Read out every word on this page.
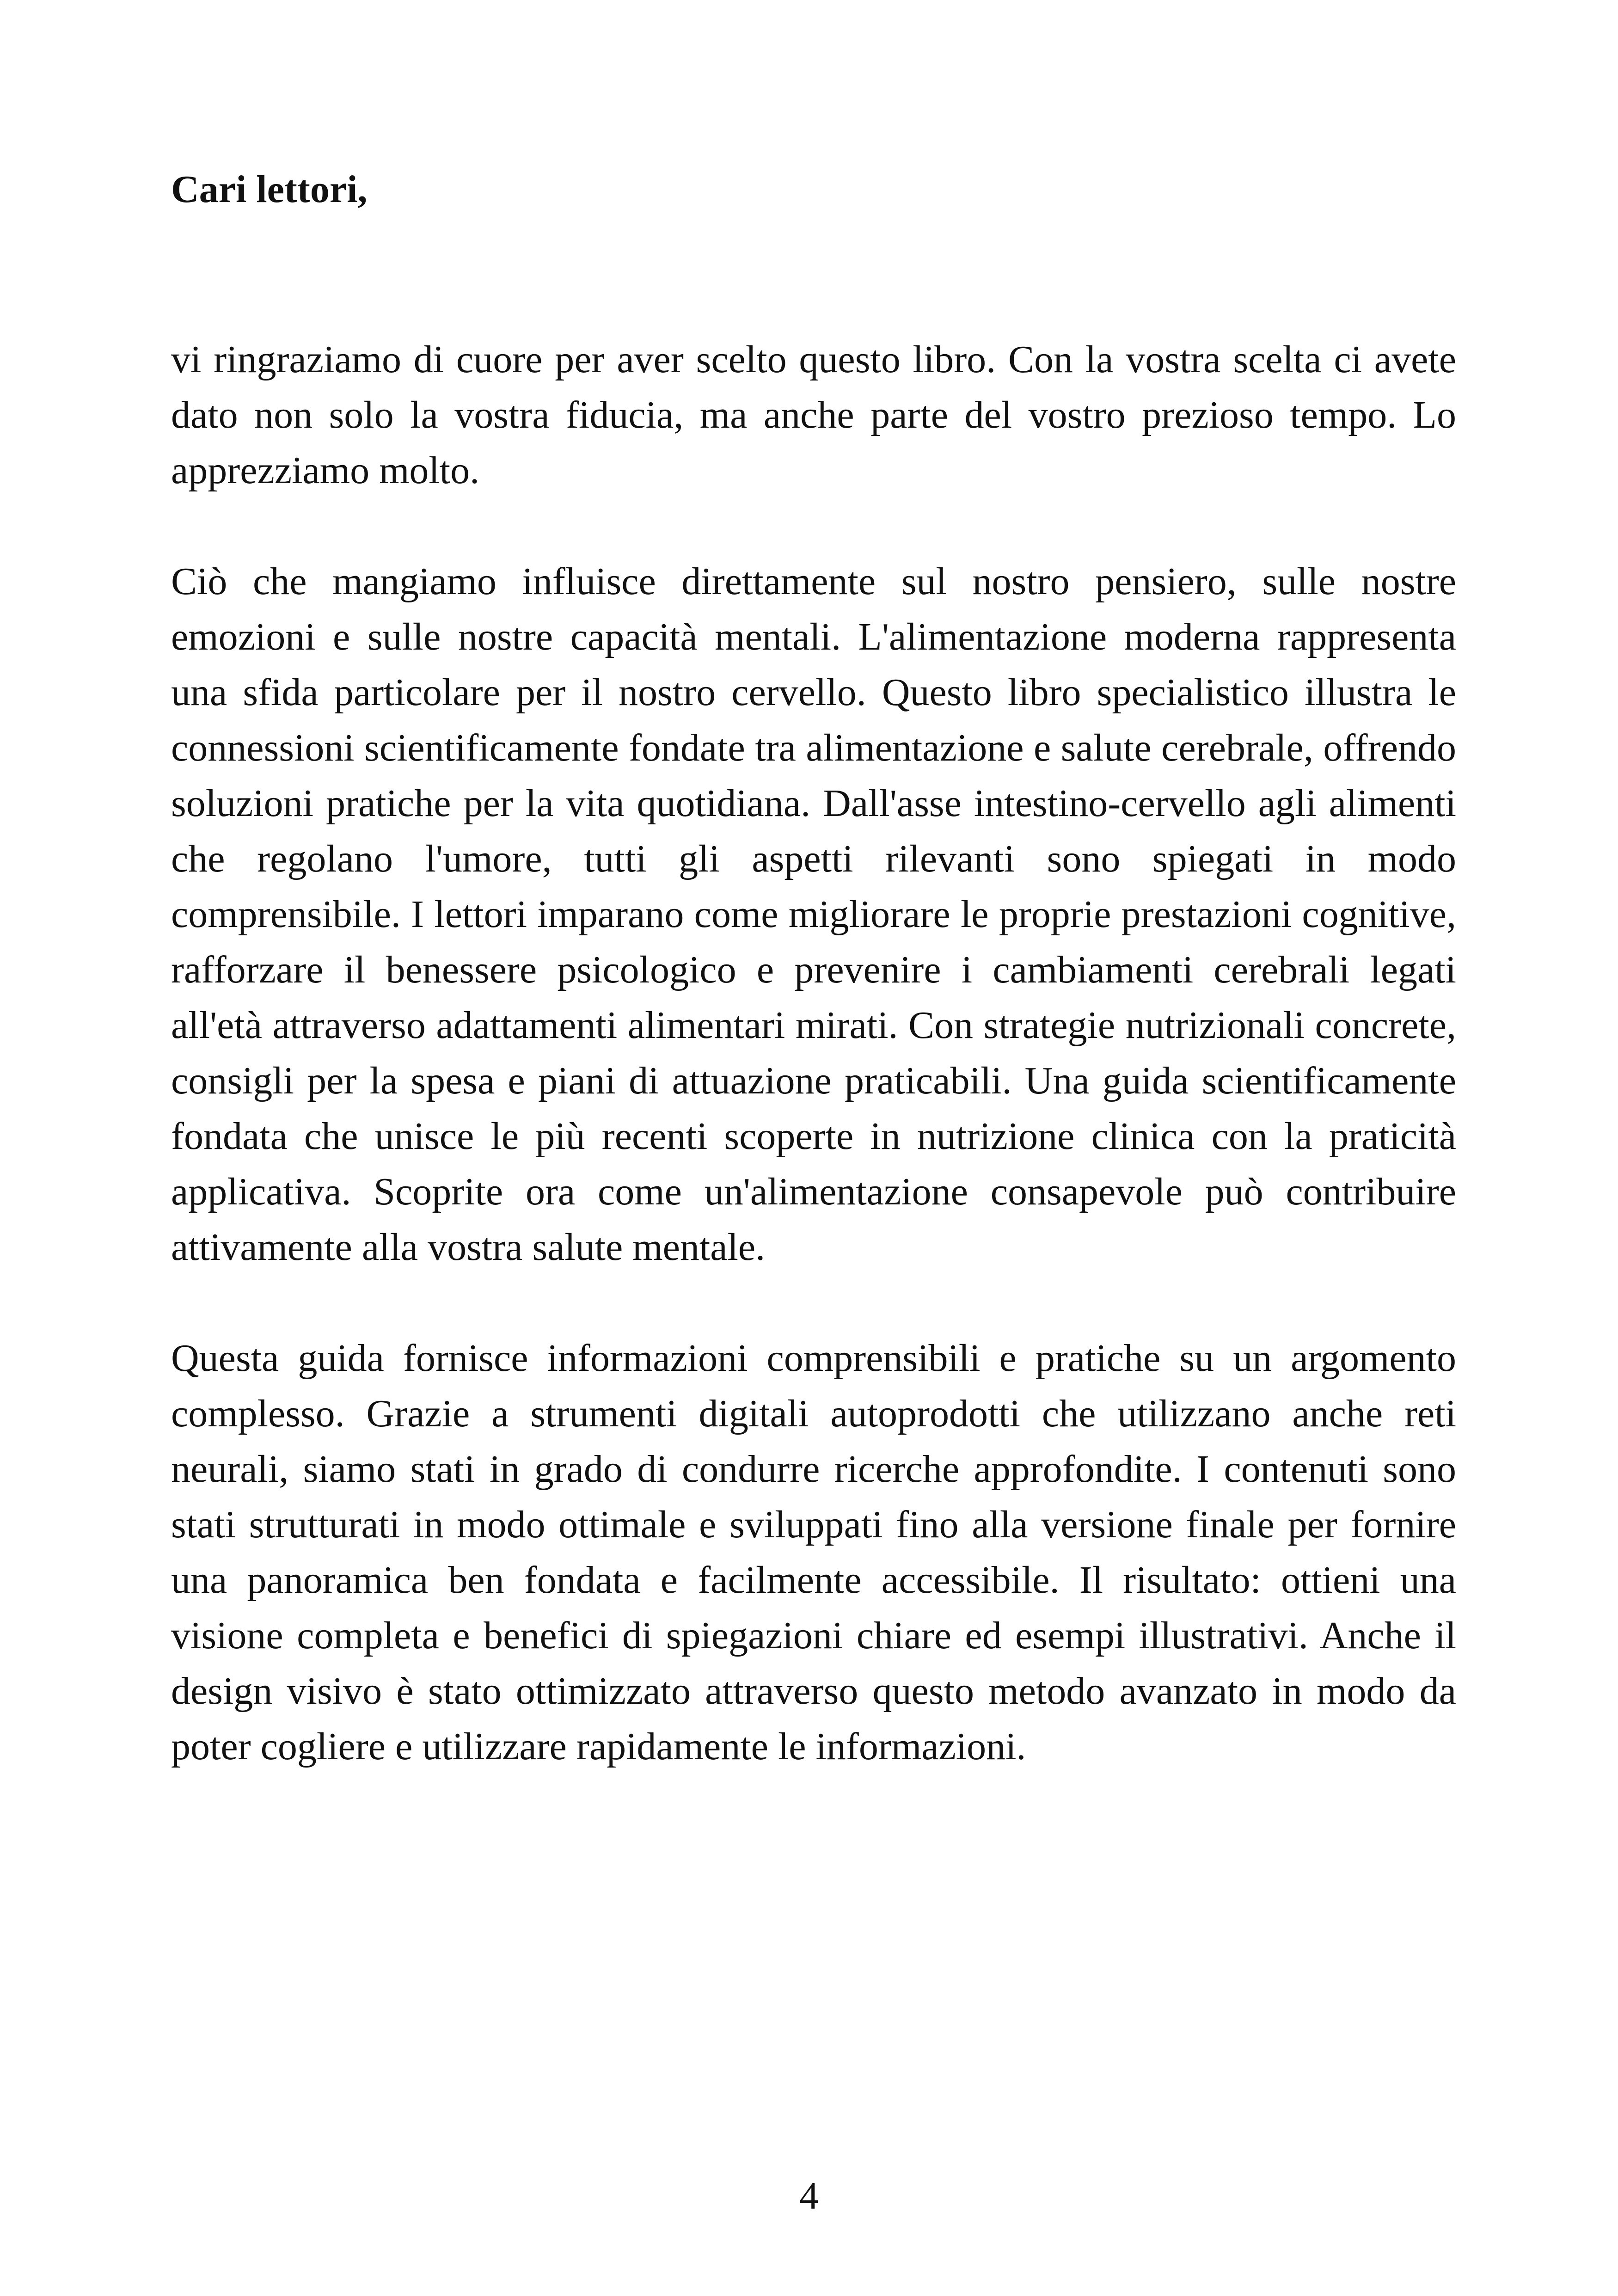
Cari lettori,

vi ringraziamo di cuore per aver scelto questo libro. Con la vostra scelta ci avete dato non solo la vostra fiducia, ma anche parte del vostro prezioso tempo. Lo apprezziamo molto.

Ciò che mangiamo influisce direttamente sul nostro pensiero, sulle nostre emozioni e sulle nostre capacità mentali. L'alimentazione moderna rappresenta una sfida particolare per il nostro cervello. Questo libro specialistico illustra le connessioni scientificamente fondate tra alimentazione e salute cerebrale, offrendo soluzioni pratiche per la vita quotidiana. Dall'asse intestino-cervello agli alimenti che regolano l'umore, tutti gli aspetti rilevanti sono spiegati in modo comprensibile. I lettori imparano come migliorare le proprie prestazioni cognitive, rafforzare il benessere psicologico e prevenire i cambiamenti cerebrali legati all'età attraverso adattamenti alimentari mirati. Con strategie nutrizionali concrete, consigli per la spesa e piani di attuazione praticabili. Una guida scientificamente fondata che unisce le più recenti scoperte in nutrizione clinica con la praticità applicativa. Scoprite ora come un'alimentazione consapevole può contribuire attivamente alla vostra salute mentale.

Questa guida fornisce informazioni comprensibili e pratiche su un argomento complesso. Grazie a strumenti digitali autoprodotti che utilizzano anche reti neurali, siamo stati in grado di condurre ricerche approfondite. I contenuti sono stati strutturati in modo ottimale e sviluppati fino alla versione finale per fornire una panoramica ben fondata e facilmente accessibile. Il risultato: ottieni una visione completa e benefici di spiegazioni chiare ed esempi illustrativi. Anche il design visivo è stato ottimizzato attraverso questo metodo avanzato in modo da poter cogliere e utilizzare rapidamente le informazioni.

4
